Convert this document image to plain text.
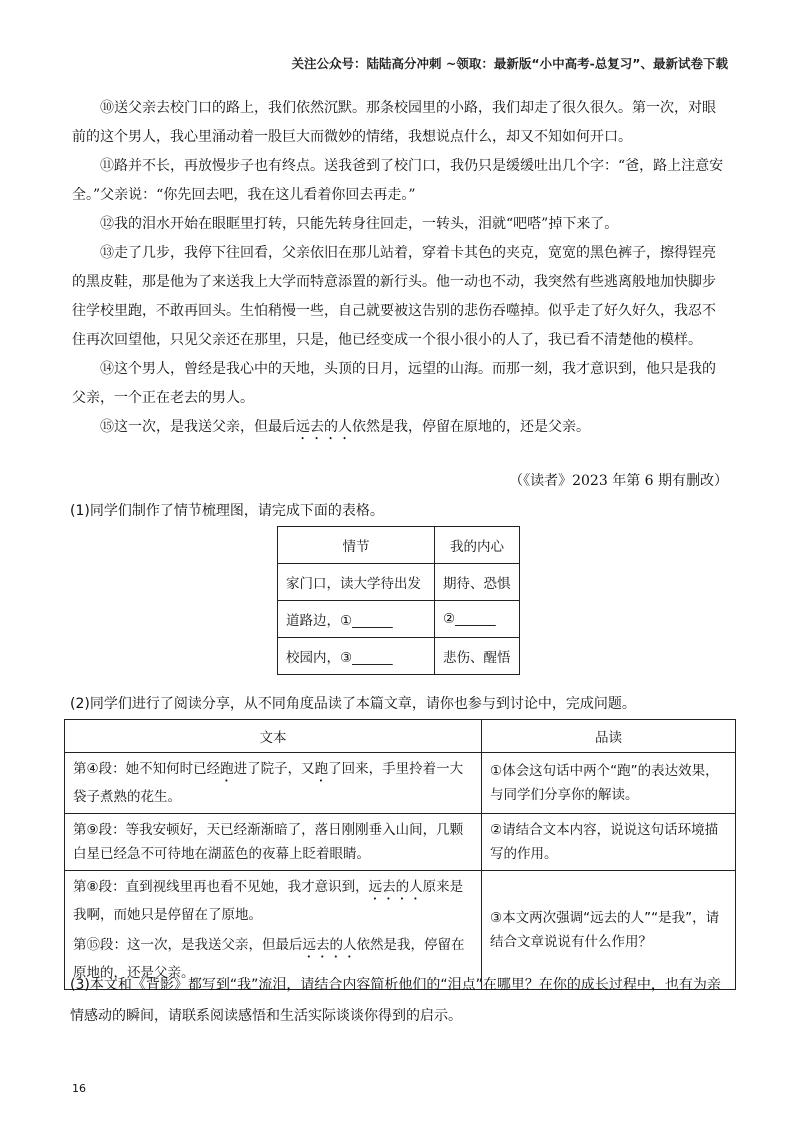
关注公众号：陆陆高分冲刺 ~领取：最新版“小中高考-总复习”、最新试卷下载

⑩送父亲去校门口的路上，我们依然沉默。那条校园里的小路，我们却走了很久很久。第一次，对眼前的这个男人，我心里涌动着一股巨大而微妙的情绪，我想说点什么，却又不知如何开口。

⑪路并不长，再放慢步子也有终点。送我爸到了校门口，我仍只是缓缓吐出几个字：“爸，路上注意安全。”父亲说：“你先回去吧，我在这儿看着你回去再走。”

⑫我的泪水开始在眼眶里打转，只能先转身往回走，一转头，泪就“吧嗒”掉下来了。

⑬走了几步，我停下往回看，父亲依旧在那儿站着，穿着卡其色的夹克，宽宽的黑色裤子，擦得锃亮的黑皮鞋，那是他为了来送我上大学而特意添置的新行头。他一动也不动，我突然有些逃离般地加快脚步往学校里跑，不敢再回头。生怕稍慢一些，自己就要被这告别的悲伤吞噬掉。似乎走了好久好久，我忍不住再次回望他，只见父亲还在那里，只是，他已经变成一个很小很小的人了，我已看不清楚他的模样。

⑭这个男人，曾经是我心中的天地，头顶的日月，远望的山海。而那一刻，我才意识到，他只是我的父亲，一个正在老去的男人。

⑮这一次，是我送父亲，但最后远去的人依然是我，停留在原地的，还是父亲。

（《读者》2023 年第 6 期有删改）
(1)同学们制作了情节梳理图，请完成下面的表格。
情节	我的内心
家门口，读大学待出发	期待、恐惧
道路边，①______	②______
校园内，③______	悲伤、醒悟
(2)同学们进行了阅读分享，从不同角度品读了本篇文章，请你也参与到讨论中，完成问题。
文本	品读
第④段：她不知何时已经跑进了院子，又跑了回来，手里拎着一大袋子煮熟的花生。	①体会这句话中两个“跑”的表达效果，与同学们分享你的解读。
第⑨段：等我安顿好，天已经渐渐暗了，落日刚刚垂入山间，几颗白星已经急不可待地在湖蓝色的夜幕上眨着眼睛。	②请结合文本内容，说说这句话环境描写的作用。

第⑧段：直到视线里再也看不见她，我才意识到，远去的人原来是我啊，而她只是停留在了原地。
第⑮段：这一次，是我送父亲，但最后远去的人依然是我，停留在原地的，还是父亲。	③本文两次强调“远去的人”“是我”，请结合文章说说有什么作用？
(3)本文和《背影》都写到“我”流泪，请结合内容简析他们的“泪点”在哪里？在你的成长过程中，也有为亲情感动的瞬间，请联系阅读感悟和生活实际谈谈你得到的启示。
16
